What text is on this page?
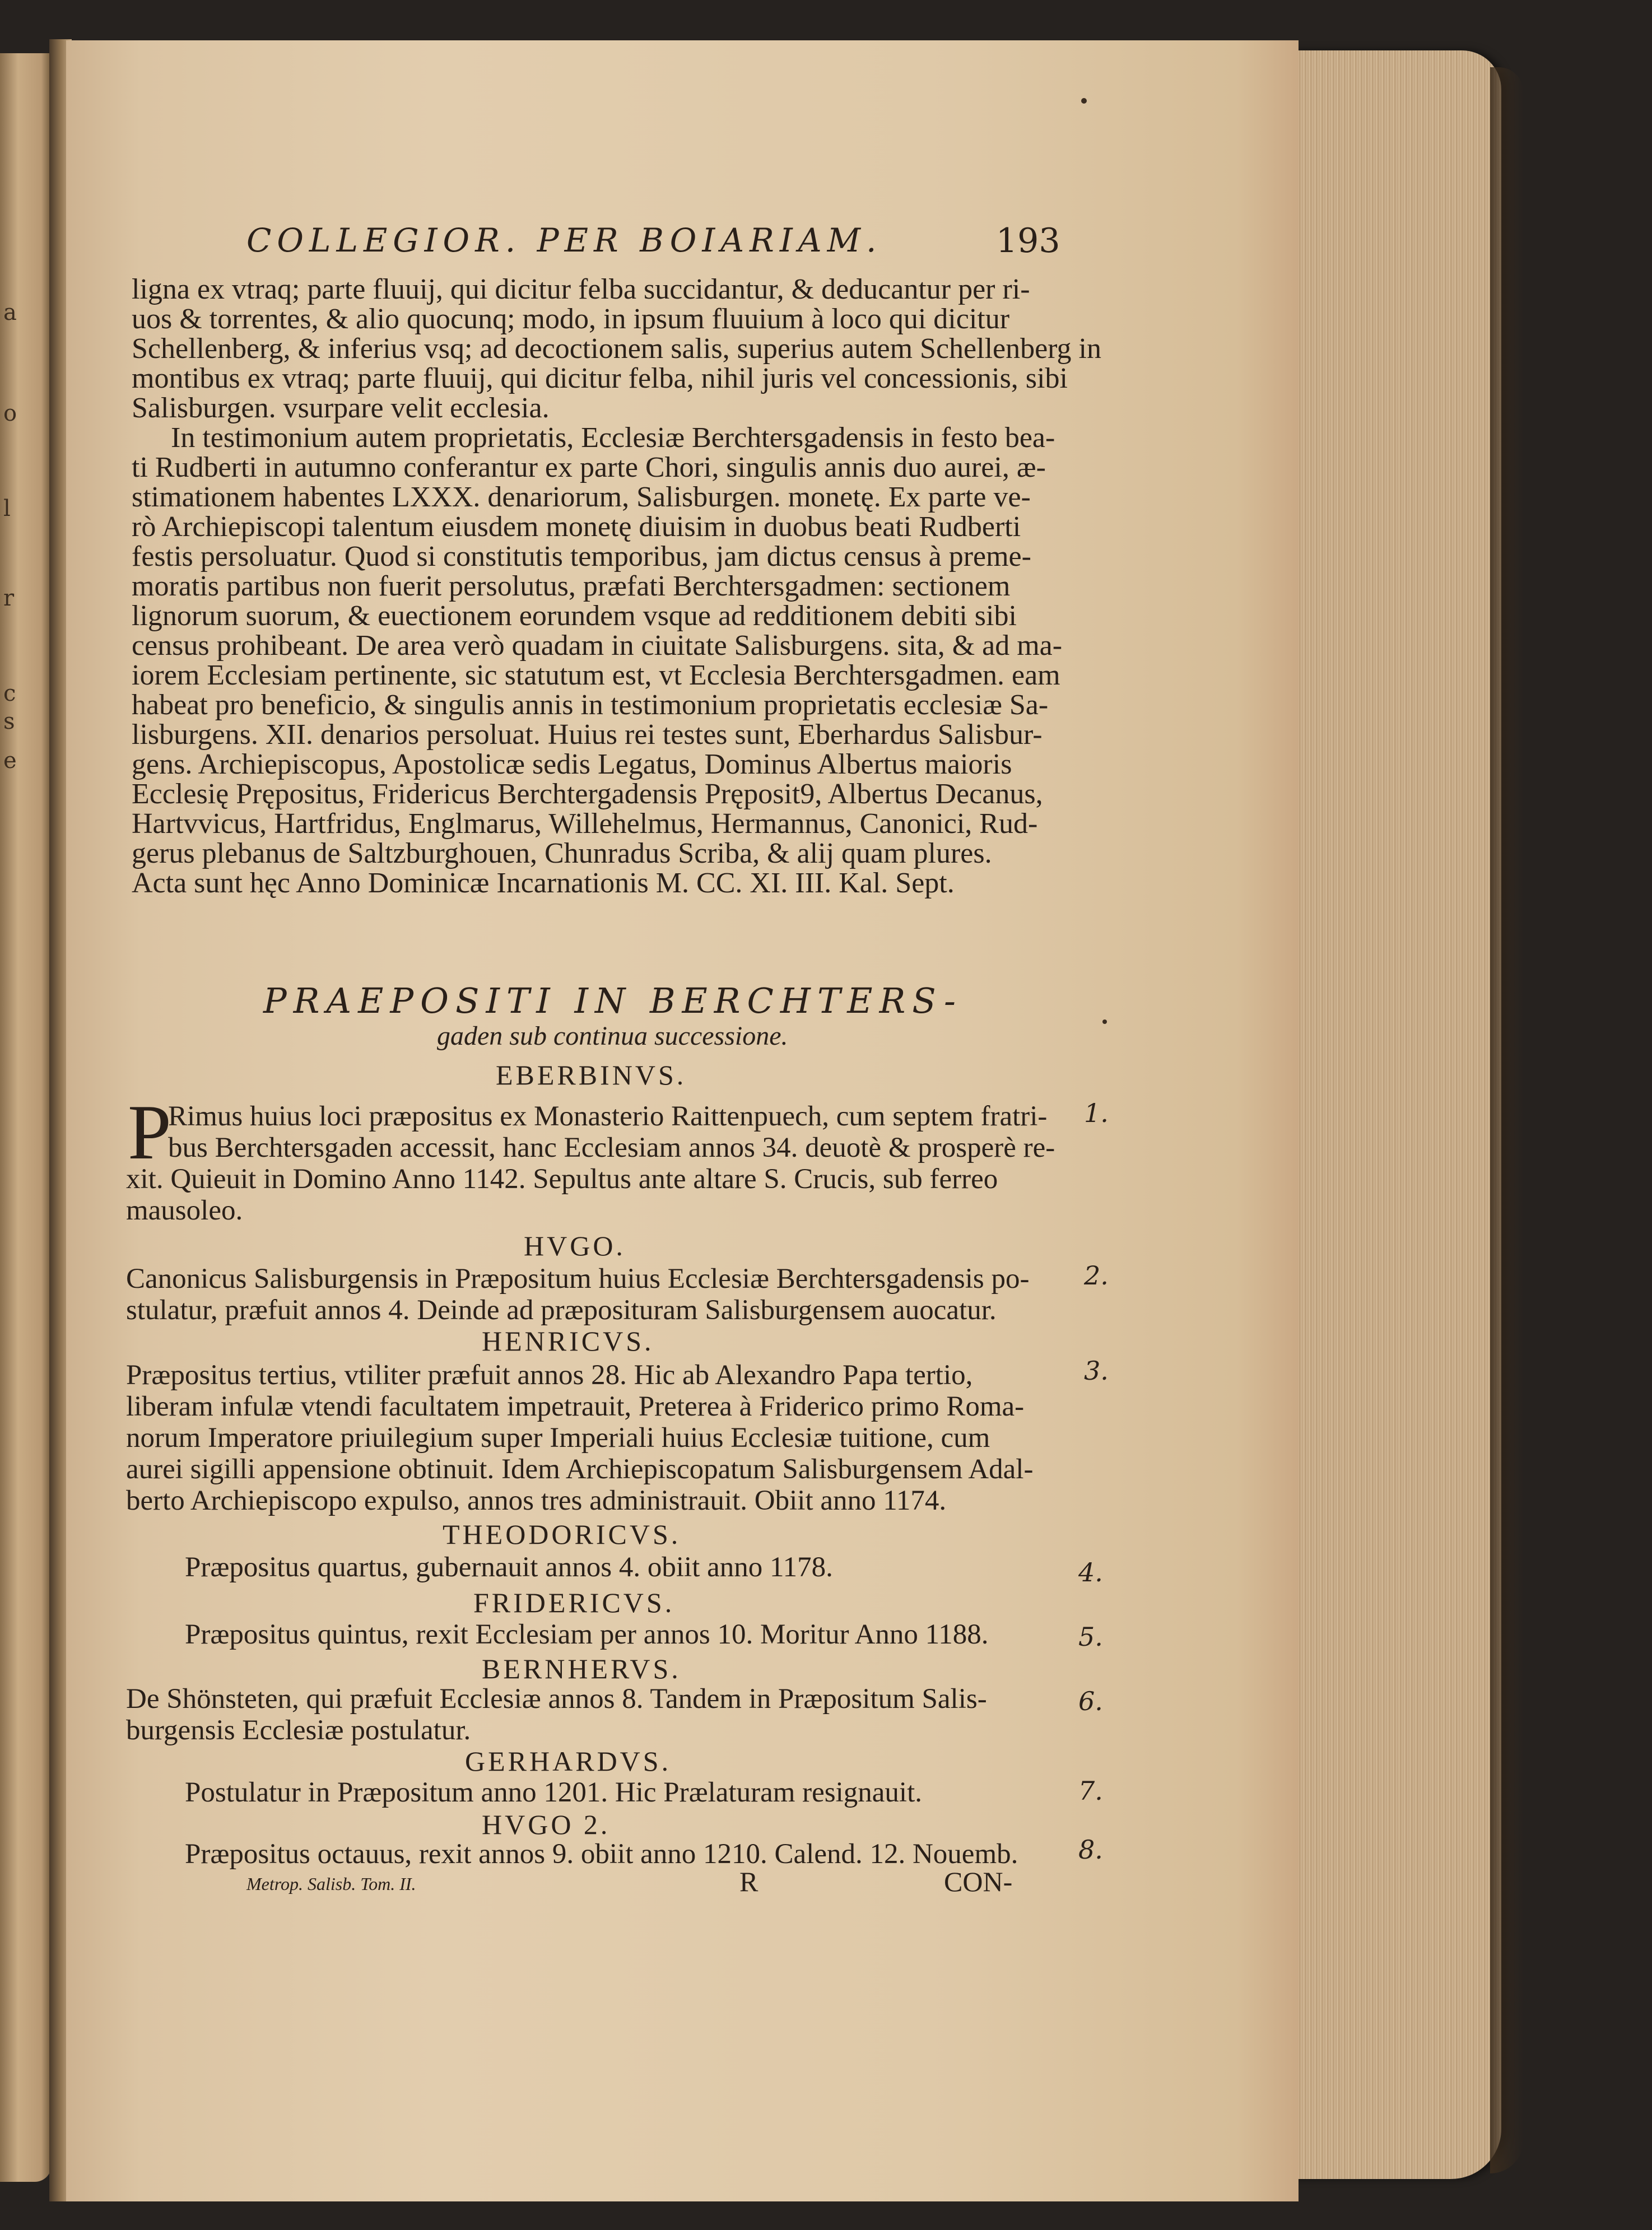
a
o
l
r
c
s
e
COLLEGIOR. PER BOIARIAM.	193

ligna ex vtraq; parte fluuij, qui dicitur felba succidantur, & deducantur per ri-

uos & torrentes, & alio quocunq; modo, in ipsum fluuium à loco qui dicitur

Schellenberg, & inferius vsq; ad decoctionem salis, superius autem Schellenberg in

montibus ex vtraq; parte fluuij, qui dicitur felba, nihil juris vel concessionis, sibi

Salisburgen. vsurpare velit ecclesia.

In testimonium autem proprietatis, Ecclesiæ Berchtersgadensis in festo bea-

ti Rudberti in autumno conferantur ex parte Chori, singulis annis duo aurei, æ-

stimationem habentes LXXX. denariorum, Salisburgen. monetę. Ex parte ve-

rò Archiepiscopi talentum eiusdem monetę diuisim in duobus beati Rudberti

festis persoluatur. Quod si constitutis temporibus, jam dictus census à preme-

moratis partibus non fuerit persolutus, præfati Berchtersgadmen: sectionem

lignorum suorum, & euectionem eorundem vsque ad redditionem debiti sibi

census prohibeant. De area verò quadam in ciuitate Salisburgens. sita, & ad ma-

iorem Ecclesiam pertinente, sic statutum est, vt Ecclesia Berchtersgadmen. eam

habeat pro beneficio, & singulis annis in testimonium proprietatis ecclesiæ Sa-

lisburgens. XII. denarios persoluat. Huius rei testes sunt, Eberhardus Salisbur-

gens. Archiepiscopus, Apostolicæ sedis Legatus, Dominus Albertus maioris

Ecclesię Prępositus, Fridericus Berchtergadensis Pręposit9, Albertus Decanus,

Hartvvicus, Hartfridus, Englmarus, Willehelmus, Hermannus, Canonici, Rud-

gerus plebanus de Saltzburghouen, Chunradus Scriba, & alij quam plures.

Acta sunt hęc Anno Dominicæ Incarnationis M. CC. XI. III. Kal. Sept.

PRAEPOSITI IN BERCHTERS-
gaden sub continua successione.
EBERBINVS.
P

Rimus huius loci præpositus ex Monasterio Raittenpuech, cum septem fratri-

bus Berchtersgaden accessit, hanc Ecclesiam annos 34. deuotè & prosperè re-

xit. Quieuit in Domino Anno 1142. Sepultus ante altare S. Crucis, sub ferreo

mausoleo.

1.
HVGO.

Canonicus Salisburgensis in Præpositum huius Ecclesiæ Berchtersgadensis po-

stulatur, præfuit annos 4. Deinde ad præposituram Salisburgensem auocatur.

2.
HENRICVS.

Præpositus tertius, vtiliter præfuit annos 28. Hic ab Alexandro Papa tertio,

liberam infulæ vtendi facultatem impetrauit, Preterea à Friderico primo Roma-

norum Imperatore priuilegium super Imperiali huius Ecclesiæ tuitione, cum

aurei sigilli appensione obtinuit. Idem Archiepiscopatum Salisburgensem Adal-

berto Archiepiscopo expulso, annos tres administrauit. Obiit anno 1174.

3.
THEODORICVS.

Præpositus quartus, gubernauit annos 4. obiit anno 1178.	4.
FRIDERICVS.

Præpositus quintus, rexit Ecclesiam per annos 10. Moritur Anno 1188.	5.
BERNHERVS.

De Shönsteten, qui præfuit Ecclesiæ annos 8. Tandem in Præpositum Salis-

burgensis Ecclesiæ postulatur.

6.
GERHARDVS.

Postulatur in Præpositum anno 1201. Hic Prælaturam resignauit.	7.
HVGO 2.

Præpositus octauus, rexit annos 9. obiit anno 1210. Calend. 12. Nouemb. 8.
Metrop. Salisb. Tom. II.	R	CON-
